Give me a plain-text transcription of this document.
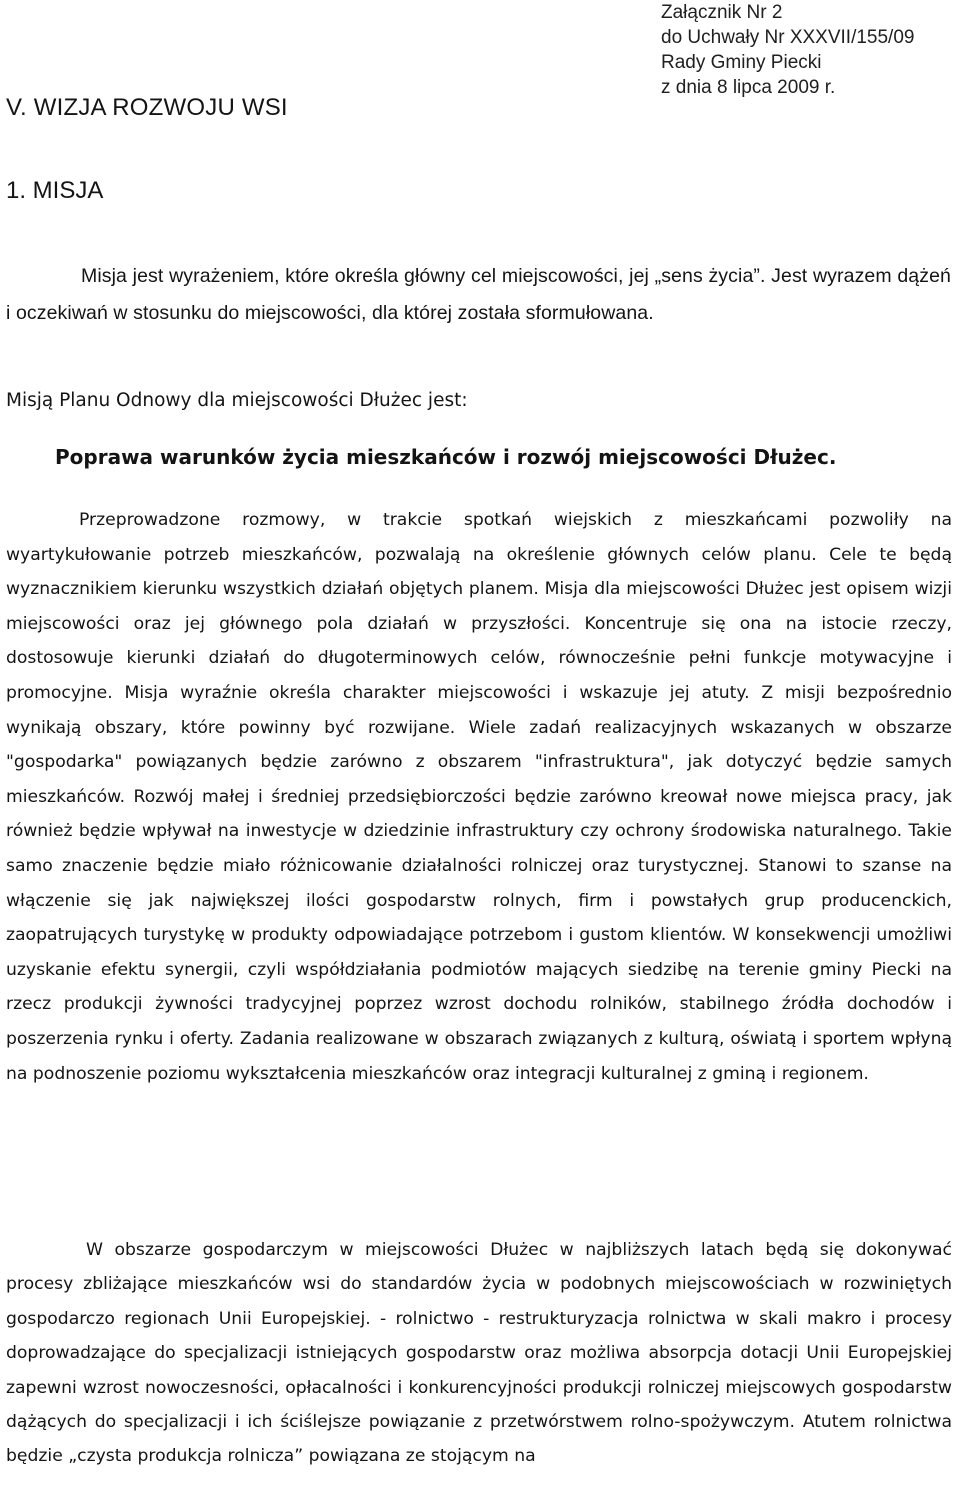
Załącznik Nr 2
do Uchwały Nr XXXVII/155/09
Rady Gminy Piecki
z dnia 8 lipca 2009 r.
V. WIZJA ROZWOJU WSI
1. MISJA

Misja jest wyrażeniem, które określa główny cel miejscowości, jej „sens życia”. Jest wyrazem dążeń i oczekiwań w stosunku do miejscowości, dla której została sformułowana.

Misją Planu Odnowy dla miejscowości Dłużec jest:

Poprawa warunków życia mieszkańców i rozwój miejscowości Dłużec.

Przeprowadzone rozmowy, w trakcie spotkań wiejskich z mieszkańcami pozwoliły na wyartykułowanie potrzeb mieszkańców, pozwalają na określenie głównych celów planu. Cele te będą wyznacznikiem kierunku wszystkich działań objętych planem. Misja dla miejscowości Dłużec jest opisem wizji miejscowości oraz jej głównego pola działań w przyszłości. Koncentruje się ona na istocie rzeczy, dostosowuje kierunki działań do długoterminowych celów, równocześnie pełni funkcje motywacyjne i promocyjne. Misja wyraźnie określa charakter miejscowości i wskazuje jej atuty. Z misji bezpośrednio wynikają obszary, które powinny być rozwijane. Wiele zadań realizacyjnych wskazanych w obszarze "gospodarka" powiązanych będzie zarówno z obszarem "infrastruktura", jak dotyczyć będzie samych mieszkańców. Rozwój małej i średniej przedsiębiorczości będzie zarówno kreował nowe miejsca pracy, jak również będzie wpływał na inwestycje w dziedzinie infrastruktury czy ochrony środowiska naturalnego. Takie samo znaczenie będzie miało różnicowanie działalności rolniczej oraz turystycznej. Stanowi to szanse na włączenie się jak największej ilości gospodarstw rolnych, firm i powstałych grup producenckich, zaopatrujących turystykę w produkty odpowiadające potrzebom i gustom klientów. W konsekwencji umożliwi uzyskanie efektu synergii, czyli współdziałania podmiotów mających siedzibę na terenie gminy Piecki na rzecz produkcji żywności tradycyjnej poprzez wzrost dochodu rolników, stabilnego źródła dochodów i poszerzenia rynku i oferty. Zadania realizowane w obszarach związanych z kulturą, oświatą i sportem wpłyną na podnoszenie poziomu wykształcenia mieszkańców oraz integracji kulturalnej z gminą i regionem.

W obszarze gospodarczym w miejscowości Dłużec w najbliższych latach będą się dokonywać procesy zbliżające mieszkańców wsi do standardów życia w podobnych miejscowościach w rozwiniętych gospodarczo regionach Unii Europejskiej. - rolnictwo - restrukturyzacja rolnictwa w skali makro i procesy doprowadzające do specjalizacji istniejących gospodarstw oraz możliwa absorpcja dotacji Unii Europejskiej zapewni wzrost nowoczesności, opłacalności i konkurencyjności produkcji rolniczej miejscowych gospodarstw dążących do specjalizacji i ich ściślejsze powiązanie z przetwórstwem rolno-spożywczym. Atutem rolnictwa będzie „czysta produkcja rolnicza” powiązana ze stojącym na
